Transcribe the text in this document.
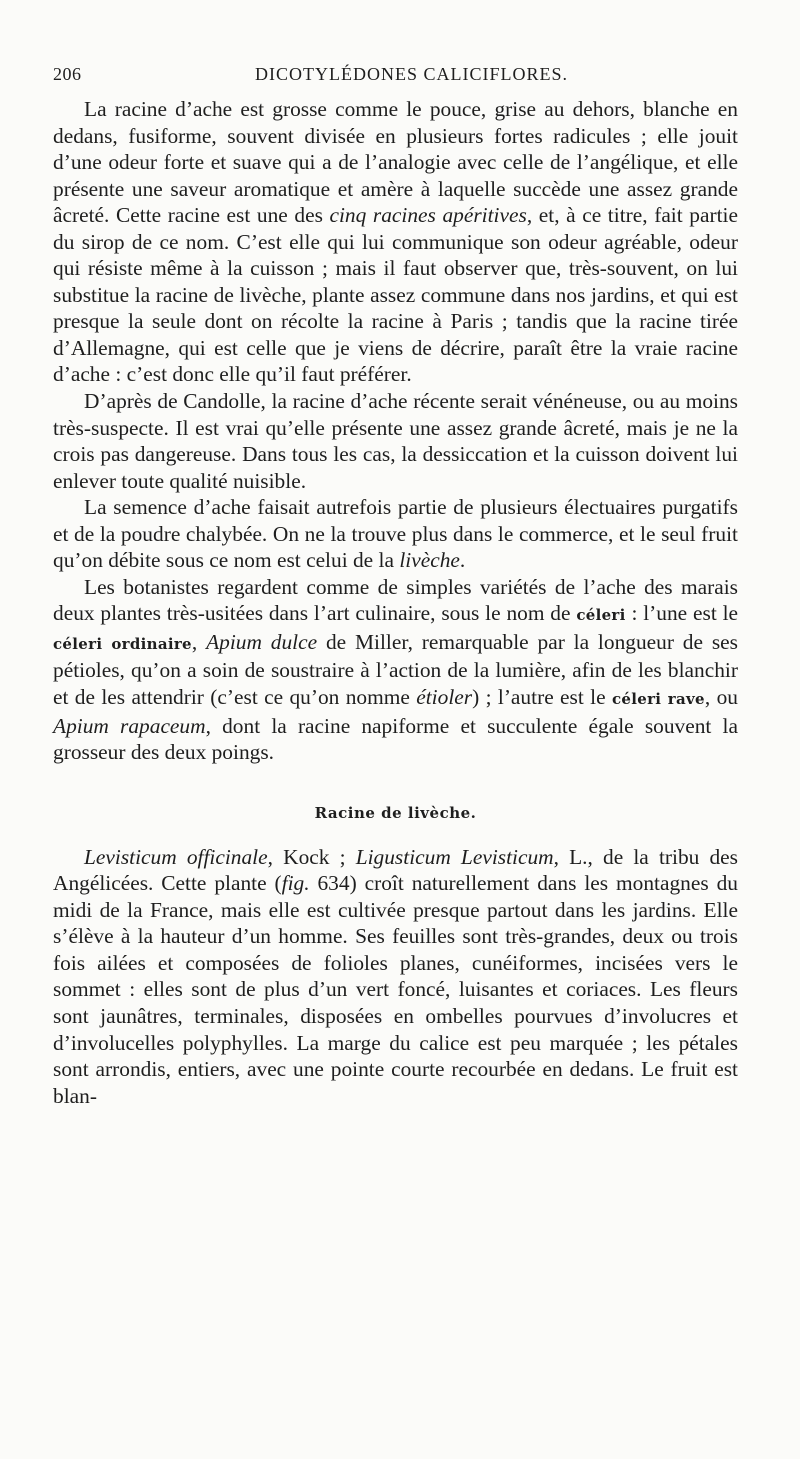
206	DICOTYLÉDONES CALICIFLORES.

La racine d’ache est grosse comme le pouce, grise au dehors, blanche en dedans, fusiforme, souvent divisée en plusieurs fortes radicules ; elle jouit d’une odeur forte et suave qui a de l’analogie avec celle de l’angélique, et elle présente une saveur aromatique et amère à laquelle succède une assez grande âcreté. Cette racine est une des cinq racines apéritives, et, à ce titre, fait partie du sirop de ce nom. C’est elle qui lui communique son odeur agréable, odeur qui résiste même à la cuisson ; mais il faut observer que, très-souvent, on lui substitue la racine de livèche, plante assez commune dans nos jardins, et qui est presque la seule dont on récolte la racine à Paris ; tandis que la racine tirée d’Allemagne, qui est celle que je viens de décrire, paraît être la vraie racine d’ache : c’est donc elle qu’il faut préférer.

D’après de Candolle, la racine d’ache récente serait vénéneuse, ou au moins très-suspecte. Il est vrai qu’elle présente une assez grande âcreté, mais je ne la crois pas dangereuse. Dans tous les cas, la dessiccation et la cuisson doivent lui enlever toute qualité nuisible.

La semence d’ache faisait autrefois partie de plusieurs électuaires purgatifs et de la poudre chalybée. On ne la trouve plus dans le commerce, et le seul fruit qu’on débite sous ce nom est celui de la livèche.

Les botanistes regardent comme de simples variétés de l’ache des marais deux plantes très-usitées dans l’art culinaire, sous le nom de céleri : l’une est le céleri ordinaire, Apium dulce de Miller, remarquable par la longueur de ses pétioles, qu’on a soin de soustraire à l’action de la lumière, afin de les blanchir et de les attendrir (c’est ce qu’on nomme étioler) ; l’autre est le céleri rave, ou Apium rapaceum, dont la racine napiforme et succulente égale souvent la grosseur des deux poings.

Racine de livèche.

Levisticum officinale, Kock ; Ligusticum Levisticum, L., de la tribu des Angélicées. Cette plante (fig. 634) croît naturellement dans les montagnes du midi de la France, mais elle est cultivée presque partout dans les jardins. Elle s’élève à la hauteur d’un homme. Ses feuilles sont très-grandes, deux ou trois fois ailées et composées de folioles planes, cunéiformes, incisées vers le sommet : elles sont de plus d’un vert foncé, luisantes et coriaces. Les fleurs sont jaunâtres, terminales, disposées en ombelles pourvues d’involucres et d’involucelles polyphylles. La marge du calice est peu marquée ; les pétales sont arrondis, entiers, avec une pointe courte recourbée en dedans. Le fruit est blan-
